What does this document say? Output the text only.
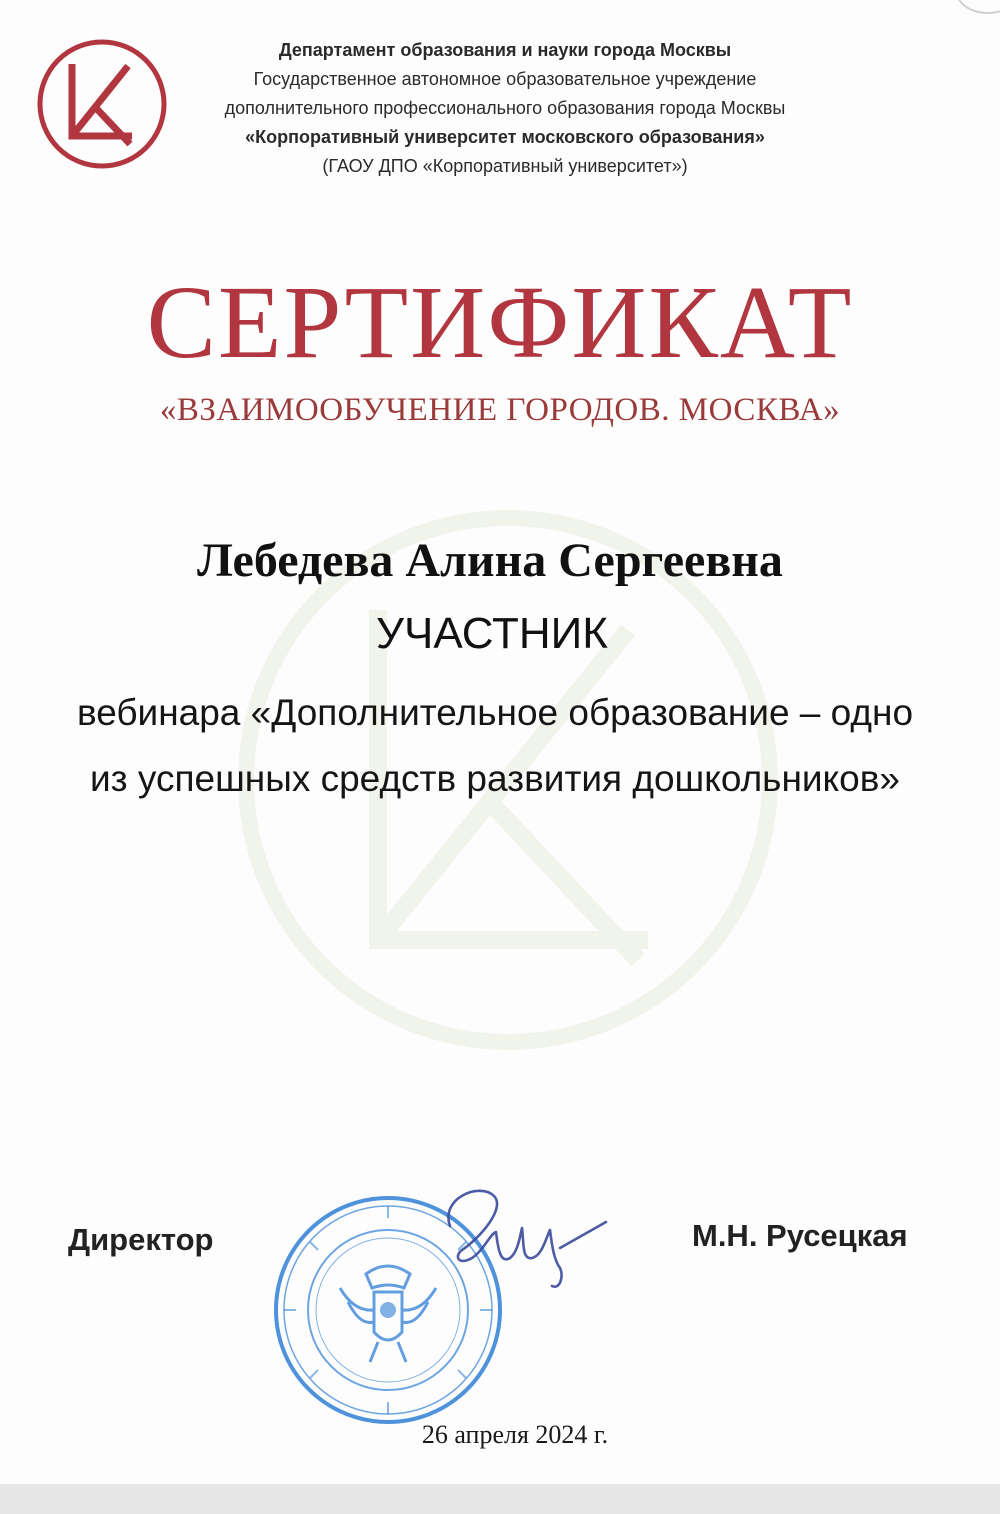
Департамент образования и науки города Москвы
Государственное автономное образовательное учреждение
дополнительного профессионального образования города Москвы
«Корпоративный университет московского образования»
(ГАОУ ДПО «Корпоративный университет»)
СЕРТИФИКАТ
«ВЗАИМООБУЧЕНИЕ ГОРОДОВ. МОСКВА»
Лебедева Алина Сергеевна
УЧАСТНИК
вебинара «Дополнительное образование – одно
из успешных средств развития дошкольников»
Директор	М.Н. Русецкая
26 апреля 2024 г.
